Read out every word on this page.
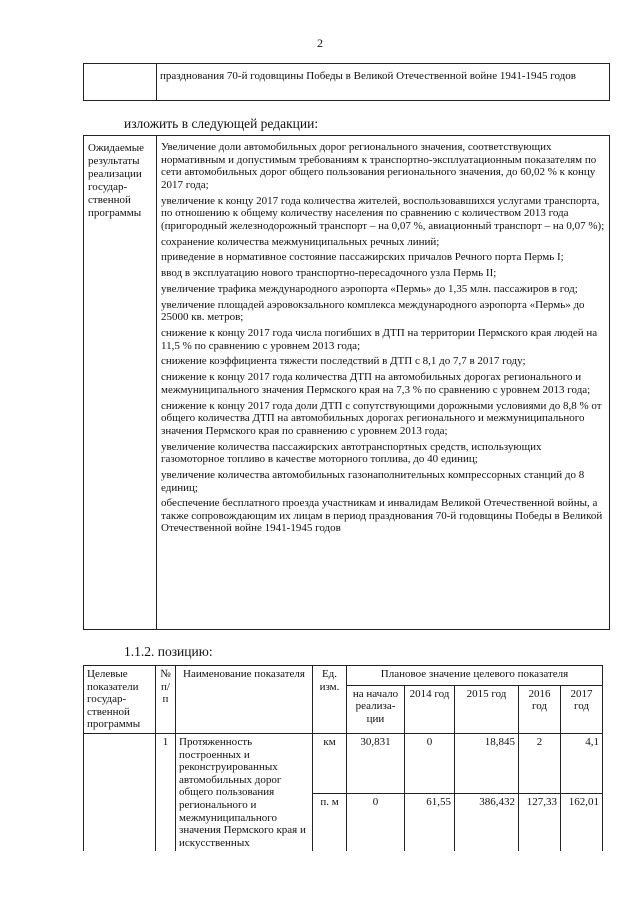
2
празднования 70-й годовщины Победы в Великой Отечественной войне 1941-1945 годов
изложить в следующей редакции:
Ожидаемые результаты реализации государ-ственной программы

Увеличение доли автомобильных дорог регионального значения, соответствующих нормативным и допустимым требованиям к транспортно-эксплуатационным показателям по сети автомобильных дорог общего пользования регионального значения, до 60,02 % к концу 2017 года;

увеличение к концу 2017 года количества жителей, воспользовавшихся услугами транспорта, по отношению к общему количеству населения по сравнению с количеством 2013 года (пригородный железнодорожный транспорт – на 0,07 %, авиационный транспорт – на 0,07 %);

сохранение количества межмуниципальных речных линий;

приведение в нормативное состояние пассажирских причалов Речного порта Пермь I;

ввод в эксплуатацию нового транспортно-пересадочного узла Пермь II;

увеличение трафика международного аэропорта «Пермь» до 1,35 млн. пассажиров в год;

увеличение площадей аэровокзального комплекса международного аэропорта «Пермь» до 25000 кв. метров;

снижение к концу 2017 года числа погибших в ДТП на территории Пермского края людей на 11,5 % по сравнению с уровнем 2013 года;

снижение коэффициента тяжести последствий в ДТП с 8,1 до 7,7 в 2017 году;

снижение к концу 2017 года количества ДТП на автомобильных дорогах регионального и межмуниципального значения Пермского края на 7,3 % по сравнению с уровнем 2013 года;

снижение к концу 2017 года доли ДТП с сопутствующими дорожными условиями до 8,8 % от общего количества ДТП на автомобильных дорогах регионального и межмуниципального значения Пермского края по сравнению с уровнем 2013 года;

увеличение количества пассажирских автотранспортных средств, использующих газомоторное топливо в качестве моторного топлива, до 40 единиц;

увеличение количества автомобильных газонаполнительных компрессорных станций до 8 единиц;

обеспечение бесплатного проезда участникам и инвалидам Великой Отечественной войны, а также сопровождающим их лицам в период празднования 70-й годовщины Победы в Великой Отечественной войне 1941-1945 годов

1.1.2. позицию:
Целевые показатели государ-ственной программы	№ п/п	Наименование показателя	Ед. изм.	Плановое значение целевого показателя				
				на начало реализа-ции	2014 год	2015 год	2016 год	2017 год
	1	Протяженность построенных и реконструированных автомобильных дорог общего пользования регионального и межмуниципального значения Пермского края и искусственных	км	30,831	0	18,845	2	4,1
			п. м	0	61,55	386,432	127,33	162,01
